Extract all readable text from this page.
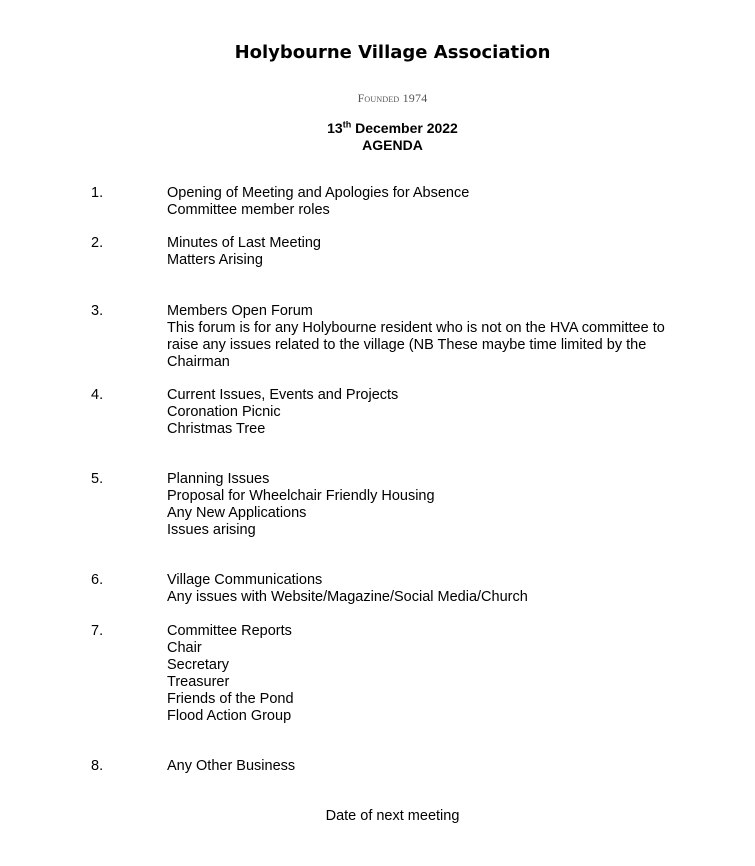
Holybourne Village Association
Founded 1974
13th December 2022
AGENDA
1.	Opening of Meeting and Apologies for Absence
Committee member roles
2.	Minutes of Last Meeting
Matters Arising
3.	Members Open Forum
This forum is for any Holybourne resident who is not on the HVA committee to
raise any issues related to the village (NB These maybe time limited by the
Chairman
4.	Current Issues, Events and Projects
Coronation Picnic
Christmas Tree
5.	Planning Issues
Proposal for Wheelchair Friendly Housing
Any New Applications
Issues arising
6.	Village Communications
Any issues with Website/Magazine/Social Media/Church
7.	Committee Reports
Chair
Secretary
Treasurer
Friends of the Pond
Flood Action Group
8.	Any Other Business
Date of next meeting
